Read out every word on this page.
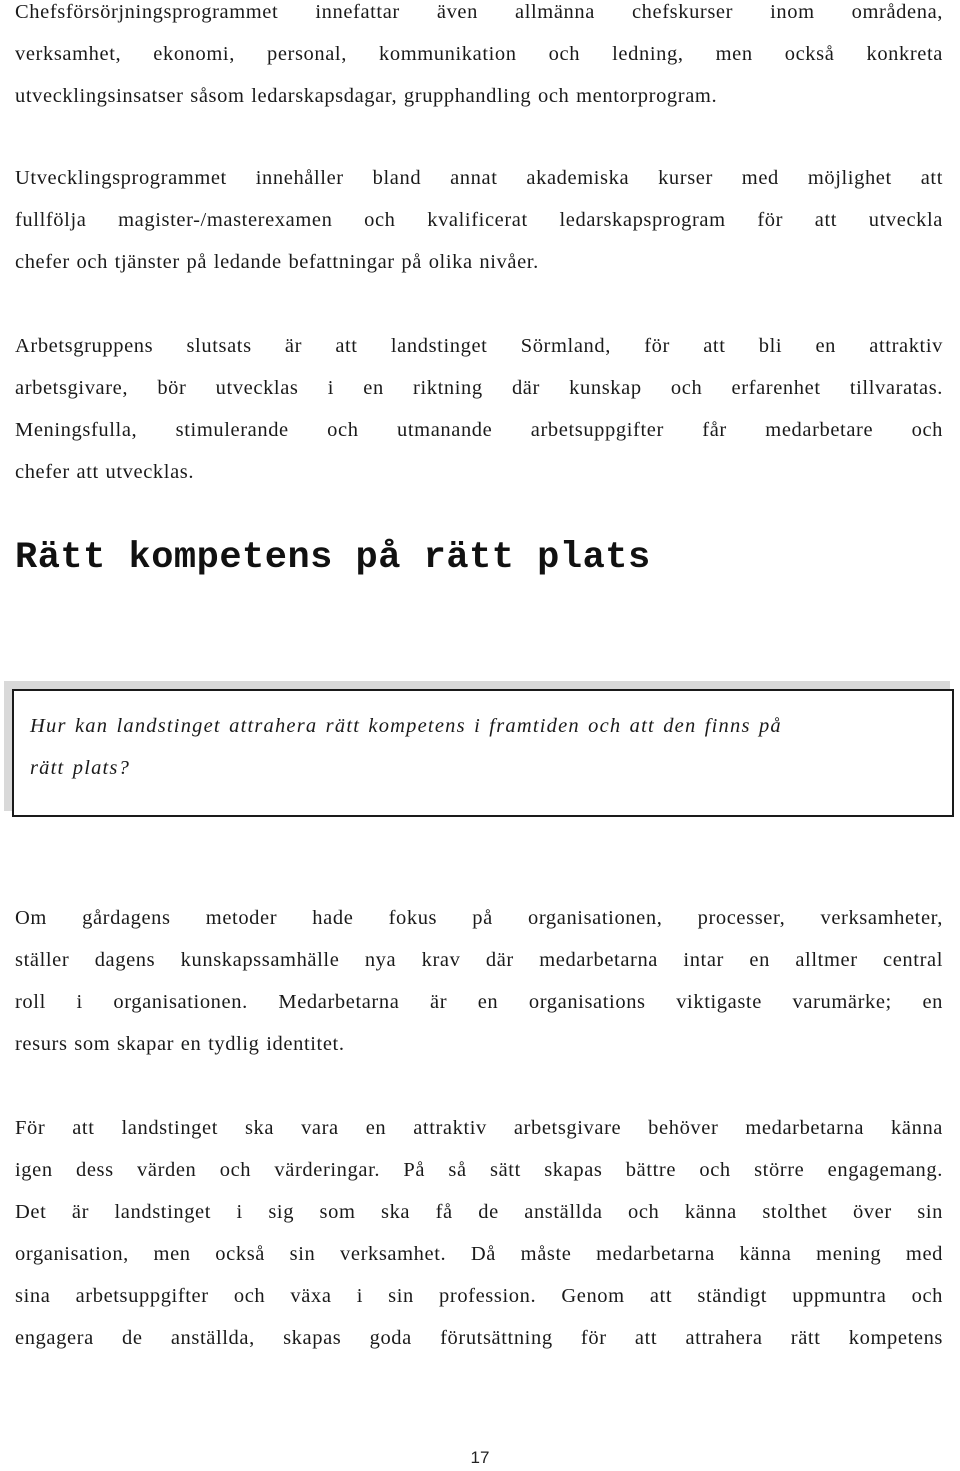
Chefsförsörjningsprogrammet innefattar även allmänna chefskurser inom områdena,
verksamhet, ekonomi, personal, kommunikation och ledning, men också konkreta
utvecklingsinsatser såsom ledarskapsdagar, grupphandling och mentorprogram.

Utvecklingsprogrammet innehåller bland annat akademiska kurser med möjlighet att
fullfölja magister-/masterexamen och kvalificerat ledarskapsprogram för att utveckla
chefer och tjänster på ledande befattningar på olika nivåer.

Arbetsgruppens slutsats är att landstinget Sörmland, för att bli en attraktiv
arbetsgivare, bör utvecklas i en riktning där kunskap och erfarenhet tillvaratas.
Meningsfulla, stimulerande och utmanande arbetsuppgifter får medarbetare och
chefer att utvecklas.

Rätt kompetens på rätt plats

Hur kan landstinget attrahera rätt kompetens i framtiden och att den finns på
rätt plats?

Om gårdagens metoder hade fokus på organisationen, processer, verksamheter,
ställer dagens kunskapssamhälle nya krav där medarbetarna intar en alltmer central
roll i organisationen. Medarbetarna är en organisations viktigaste varumärke; en
resurs som skapar en tydlig identitet.

För att landstinget ska vara en attraktiv arbetsgivare behöver medarbetarna känna
igen dess värden och värderingar. På så sätt skapas bättre och större engagemang.
Det är landstinget i sig som ska få de anställda och känna stolthet över sin
organisation, men också sin verksamhet. Då måste medarbetarna känna mening med
sina arbetsuppgifter och växa i sin profession. Genom att ständigt uppmuntra och
engagera de anställda, skapas goda förutsättning för att attrahera rätt kompetens

17
